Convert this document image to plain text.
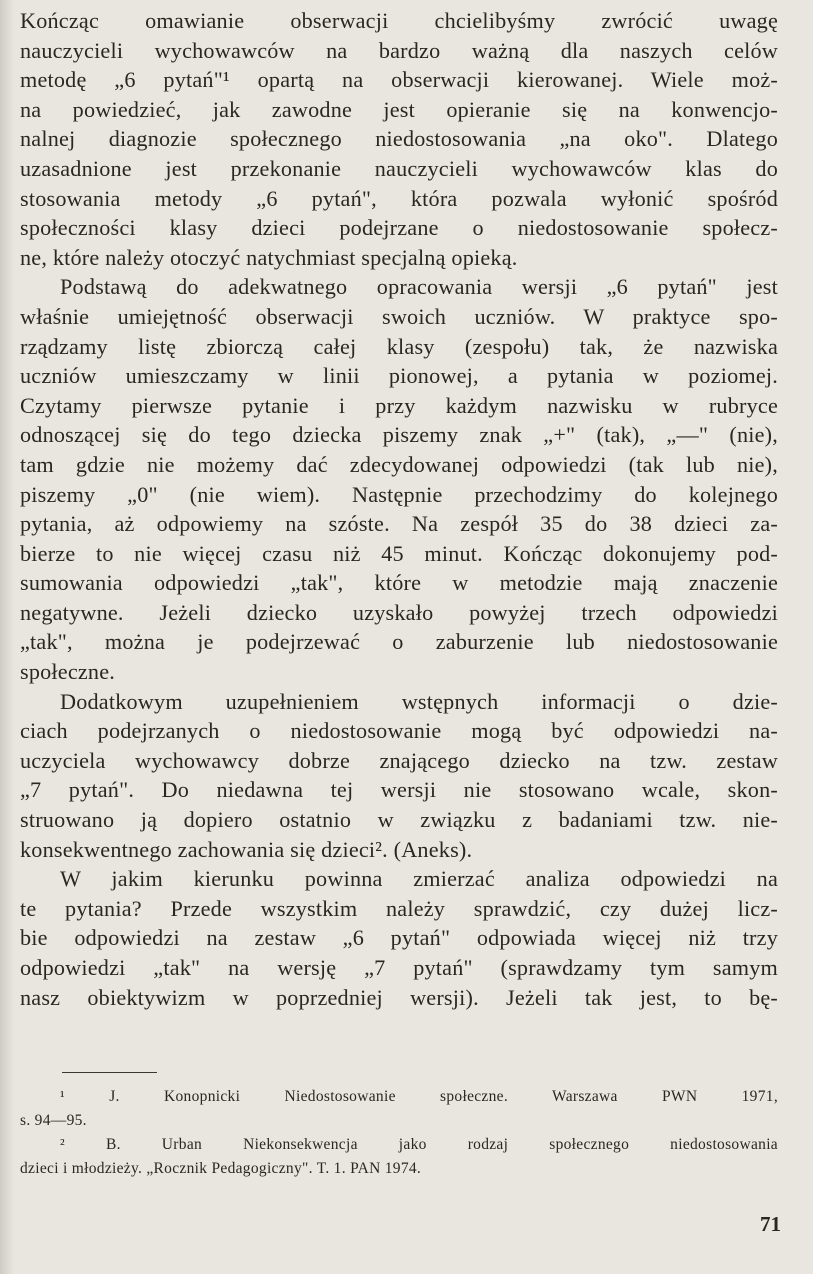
Kończąc omawianie obserwacji chcielibyśmy zwrócić uwagę
nauczycieli wychowawców na bardzo ważną dla naszych celów
metodę „6 pytań"¹ opartą na obserwacji kierowanej. Wiele moż-
na powiedzieć, jak zawodne jest opieranie się na konwencjo-
nalnej diagnozie społecznego niedostosowania „na oko". Dlatego
uzasadnione jest przekonanie nauczycieli wychowawców klas do
stosowania metody „6 pytań", która pozwala wyłonić spośród
społeczności klasy dzieci podejrzane o niedostosowanie społecz-
ne, które należy otoczyć natychmiast specjalną opieką.

Podstawą do adekwatnego opracowania wersji „6 pytań" jest
właśnie umiejętność obserwacji swoich uczniów. W praktyce spo-
rządzamy listę zbiorczą całej klasy (zespołu) tak, że nazwiska
uczniów umieszczamy w linii pionowej, a pytania w poziomej.
Czytamy pierwsze pytanie i przy każdym nazwisku w rubryce
odnoszącej się do tego dziecka piszemy znak „+" (tak), „—" (nie),
tam gdzie nie możemy dać zdecydowanej odpowiedzi (tak lub nie),
piszemy „0" (nie wiem). Następnie przechodzimy do kolejnego
pytania, aż odpowiemy na szóste. Na zespół 35 do 38 dzieci za-
bierze to nie więcej czasu niż 45 minut. Kończąc dokonujemy pod-
sumowania odpowiedzi „tak", które w metodzie mają znaczenie
negatywne. Jeżeli dziecko uzyskało powyżej trzech odpowiedzi
„tak", można je podejrzewać o zaburzenie lub niedostosowanie
społeczne.

Dodatkowym uzupełnieniem wstępnych informacji o dzie-
ciach podejrzanych o niedostosowanie mogą być odpowiedzi na-
uczyciela wychowawcy dobrze znającego dziecko na tzw. zestaw
„7 pytań". Do niedawna tej wersji nie stosowano wcale, skon-
struowano ją dopiero ostatnio w związku z badaniami tzw. nie-
konsekwentnego zachowania się dzieci². (Aneks).

W jakim kierunku powinna zmierzać analiza odpowiedzi na
te pytania? Przede wszystkim należy sprawdzić, czy dużej licz-
bie odpowiedzi na zestaw „6 pytań" odpowiada więcej niż trzy
odpowiedzi „tak" na wersję „7 pytań" (sprawdzamy tym samym
nasz obiektywizm w poprzedniej wersji). Jeżeli tak jest, to bę-

¹ J. Konopnicki Niedostosowanie społeczne. Warszawa PWN 1971,
s. 94—95.

² B. Urban Niekonsekwencja jako rodzaj społecznego niedostosowania
dzieci i młodzieży. „Rocznik Pedagogiczny". T. 1. PAN 1974.

71
